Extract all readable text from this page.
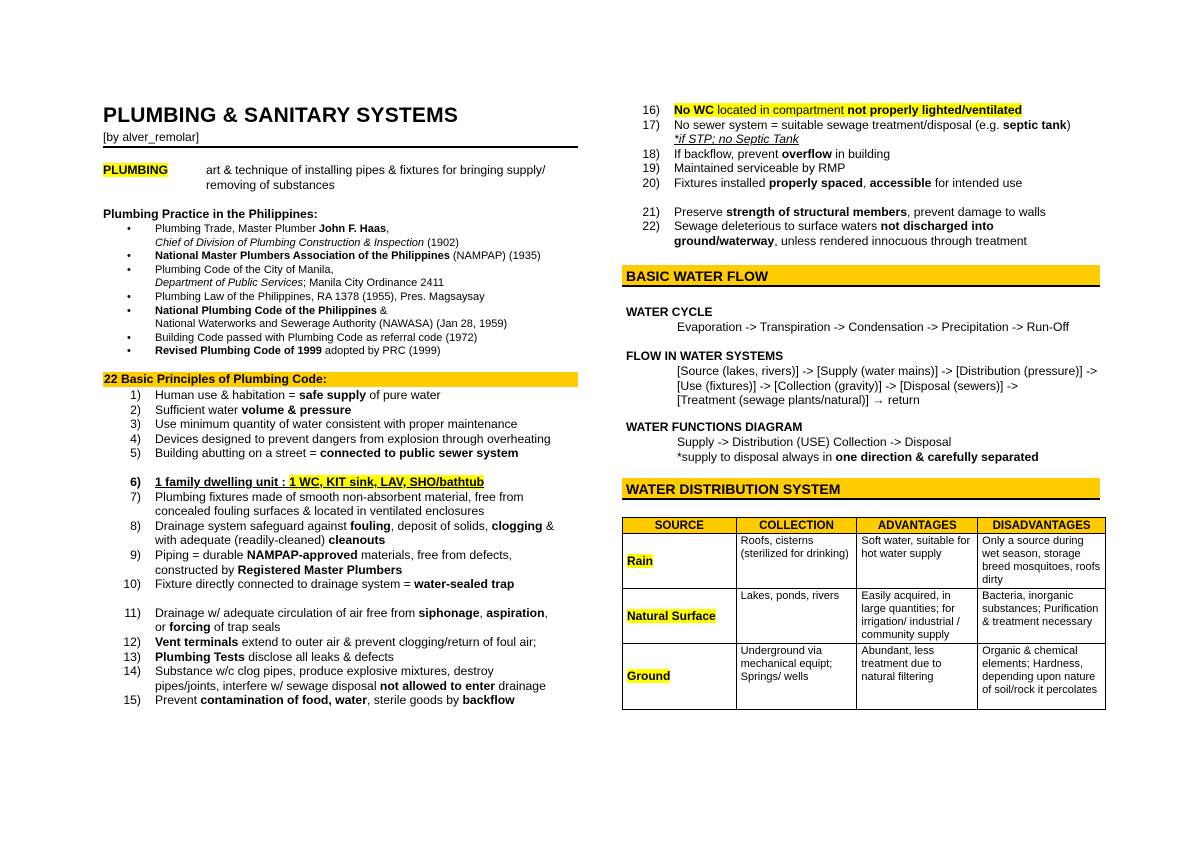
PLUMBING & SANITARY SYSTEMS
[by alver_remolar]
PLUMBING	art & technique of installing pipes & fixtures for bringing supply/
removing of substances
Plumbing Practice in the Philippines:
• Plumbing Trade, Master Plumber John F. Haas,
Chief of Division of Plumbing Construction & Inspection (1902)
• National Master Plumbers Association of the Philippines (NAMPAP) (1935)
• Plumbing Code of the City of Manila,
Department of Public Services; Manila City Ordinance 2411
• Plumbing Law of the Philippines, RA 1378 (1955), Pres. Magsaysay
• National Plumbing Code of the Philippines &
National Waterworks and Sewerage Authority (NAWASA) (Jan 28, 1959)
• Building Code passed with Plumbing Code as referral code (1972)
• Revised Plumbing Code of 1999 adopted by PRC (1999)
22 Basic Principles of Plumbing Code:
1) Human use & habitation = safe supply of pure water
2) Sufficient water volume & pressure
3) Use minimum quantity of water consistent with proper maintenance
4) Devices designed to prevent dangers from explosion through overheating
5) Building abutting on a street = connected to public sewer system
6) 1 family dwelling unit : 1 WC, KIT sink, LAV, SHO/bathtub
7) Plumbing fixtures made of smooth non-absorbent material, free from
concealed fouling surfaces & located in ventilated enclosures
8) Drainage system safeguard against fouling, deposit of solids, clogging &
with adequate (readily-cleaned) cleanouts
9) Piping = durable NAMPAP-approved materials, free from defects,
constructed by Registered Master Plumbers
10) Fixture directly connected to drainage system = water-sealed trap
11) Drainage w/ adequate circulation of air free from siphonage, aspiration,
or forcing of trap seals
12) Vent terminals extend to outer air & prevent clogging/return of foul air;
13) Plumbing Tests disclose all leaks & defects
14) Substance w/c clog pipes, produce explosive mixtures, destroy
pipes/joints, interfere w/ sewage disposal not allowed to enter drainage
15) Prevent contamination of food, water, sterile goods by backflow
16) No WC located in compartment not properly lighted/ventilated
17) No sewer system = suitable sewage treatment/disposal (e.g. septic tank)
*if STP; no Septic Tank
18) If backflow, prevent overflow in building
19) Maintained serviceable by RMP
20) Fixtures installed properly spaced, accessible for intended use
21) Preserve strength of structural members, prevent damage to walls
22) Sewage deleterious to surface waters not discharged into
ground/waterway, unless rendered innocuous through treatment
BASIC WATER FLOW
WATER CYCLE
Evaporation -> Transpiration -> Condensation -> Precipitation -> Run-Off
FLOW IN WATER SYSTEMS
[Source (lakes, rivers)] -> [Supply (water mains)] -> [Distribution (pressure)] ->
[Use (fixtures)] -> [Collection (gravity)] -> [Disposal (sewers)] ->
[Treatment (sewage plants/natural)] → return
WATER FUNCTIONS DIAGRAM
Supply -> Distribution (USE) Collection -> Disposal
*supply to disposal always in one direction & carefully separated
WATER DISTRIBUTION SYSTEM
SOURCE	COLLECTION	ADVANTAGES	DISADVANTAGES
Rain	Roofs, cisterns (sterilized for drinking)	Soft water, suitable for hot water supply	Only a source during wet season, storage breed mosquitoes, roofs dirty
Natural Surface	Lakes, ponds, rivers	Easily acquired, in large quantities; for irrigation/ industrial / community supply	Bacteria, inorganic substances; Purification & treatment necessary
Ground	Underground via mechanical equipt; Springs/ wells	Abundant, less treatment due to natural filtering	Organic & chemical elements; Hardness, depending upon nature of soil/rock it percolates
